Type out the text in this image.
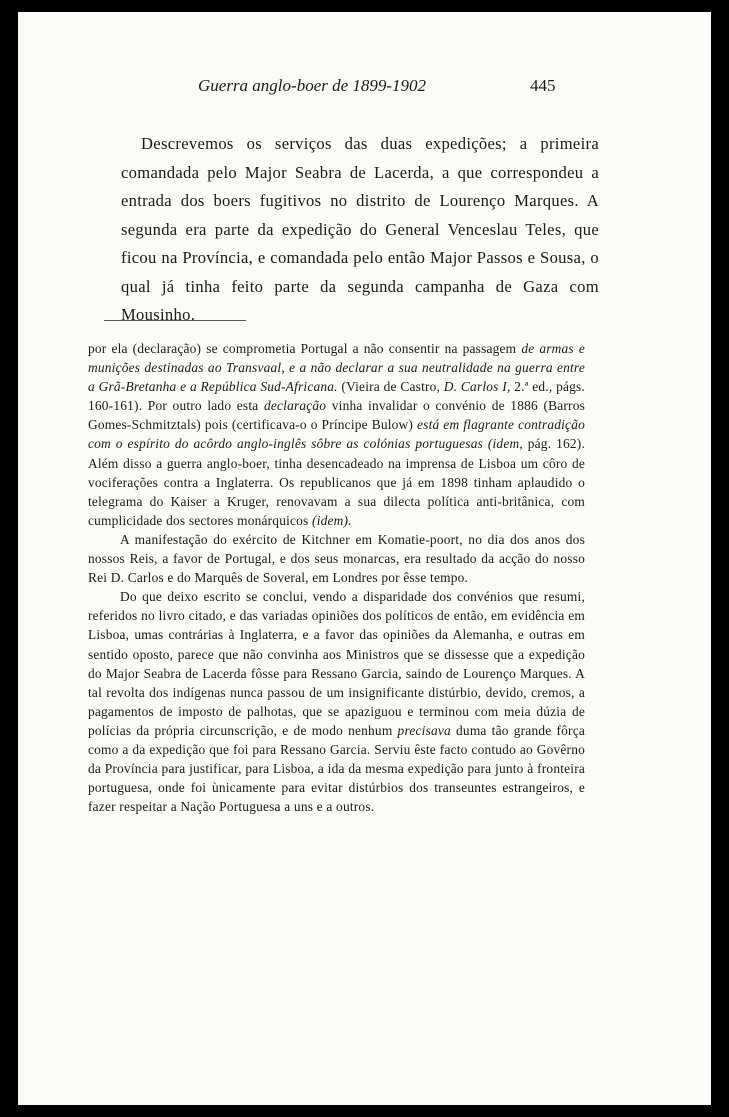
Guerra anglo-boer de 1899-1902	445

Descrevemos os serviços das duas expedições; a primeira comandada pelo Major Seabra de Lacerda, a que correspondeu a entrada dos boers fugitivos no distrito de Lourenço Marques. A segunda era parte da expedição do General Venceslau Teles, que ficou na Província, e comandada pelo então Major Passos e Sousa, o qual já tinha feito parte da segunda campanha de Gaza com Mousinho.

por ela (declaração) se comprometia Portugal a não consentir na passagem de armas e munições destinadas ao Transvaal, e a não declarar a sua neutralidade na guerra entre a Grã-Bretanha e a República Sud-Africana. (Vieira de Castro, D. Carlos I, 2.ª ed., págs. 160-161). Por outro lado esta declaração vinha invalidar o convénio de 1886 (Barros Gomes-Schmitztals) pois (certificava-o o Príncipe Bulow) está em flagrante contradição com o espírito do acôrdo anglo-inglês sôbre as colónias portuguesas (idem, pág. 162). Além disso a guerra anglo-boer, tinha desencadeado na imprensa de Lisboa um côro de vociferações contra a Inglaterra. Os republicanos que já em 1898 tinham aplaudido o telegrama do Kaiser a Kruger, renovavam a sua dilecta política anti-britânica, com cumplicidade dos sectores monárquicos (idem).

A manifestação do exército de Kitchner em Komatie-poort, no dia dos anos dos nossos Reis, a favor de Portugal, e dos seus monarcas, era resultado da acção do nosso Rei D. Carlos e do Marquês de Soveral, em Londres por êsse tempo.

Do que deixo escrito se conclui, vendo a disparidade dos convénios que resumi, referidos no livro citado, e das variadas opiniões dos políticos de então, em evidência em Lisboa, umas contrárias à Inglaterra, e a favor das opiniões da Alemanha, e outras em sentido oposto, parece que não convinha aos Ministros que se dissesse que a expedição do Major Seabra de Lacerda fôsse para Ressano Garcia, saindo de Lourenço Marques. A tal revolta dos indígenas nunca passou de um insignificante distúrbio, devido, cremos, a pagamentos de imposto de palhotas, que se apaziguou e terminou com meia dúzia de polícias da própria circunscrição, e de modo nenhum precisava duma tão grande fôrça como a da expedição que foi para Ressano Garcia. Serviu êste facto contudo ao Govêrno da Província para justificar, para Lisboa, a ida da mesma expedição para junto à fronteira portuguesa, onde foi ùnicamente para evitar distúrbios dos transeuntes estrangeiros, e fazer respeitar a Nação Portuguesa a uns e a outros.
